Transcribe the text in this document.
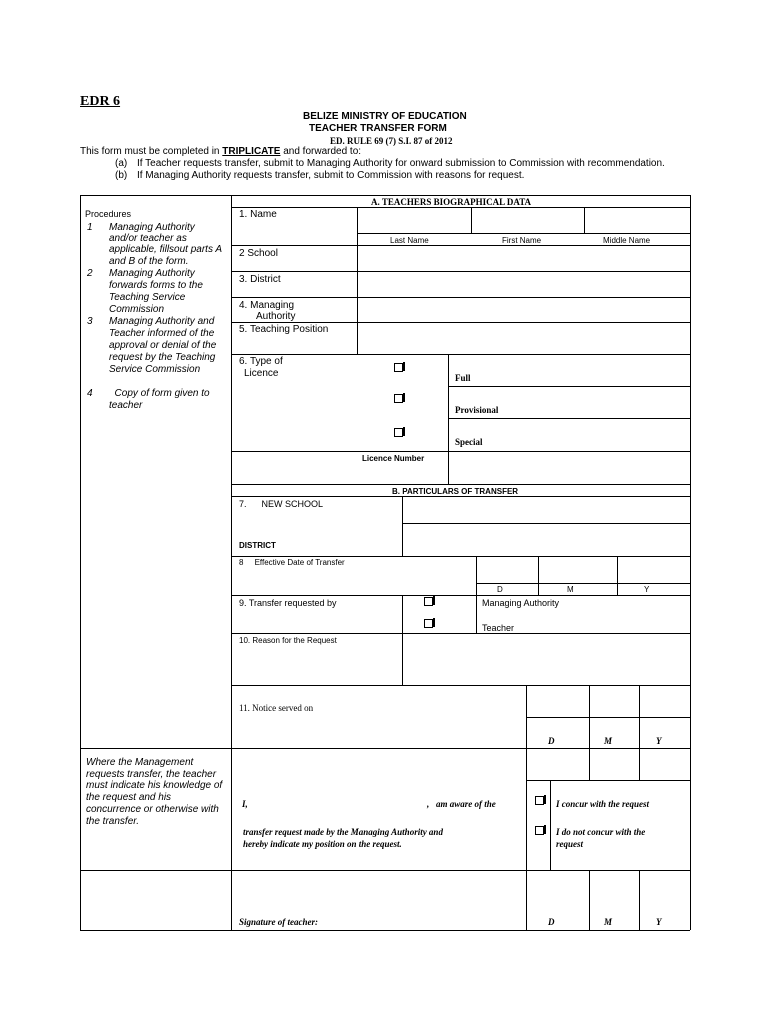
EDR 6
BELIZE MINISTRY OF EDUCATION
TEACHER TRANSFER FORM
ED. RULE 69 (7) S.I. 87 of 2012
This form must be completed in TRIPLICATE and forwarded to:
(a) If Teacher requests transfer, submit to Managing Authority for onward submission to Commission with recommendation.
(b) If Managing Authority requests transfer, submit to Commission with reasons for request.
Procedures
1 Managing Authority
and/or teacher as
applicable, fillsout parts A
and B of the form.
2 Managing Authority
forwards forms to the
Teaching Service
Commission
3 Managing Authority and
Teacher informed of the
approval or denial of the
request by the Teaching
Service Commission
4 Copy of form given to
teacher
Where the Management
requests transfer, the teacher
must indicate his knowledge of
the request and his
concurrence or otherwise with
the transfer.
A. TEACHERS BIOGRAPHICAL DATA
1. Name
Last Name	First Name	Middle Name
2 School
3. District
4. Managing
Authority
5. Teaching Position
6. Type of
Licence	Full
Provisional
Special
Licence Number
B. PARTICULARS OF TRANSFER
7.      NEW SCHOOL
DISTRICT
8     Effective Date of Transfer
D	M	Y
9. Transfer requested by	Managing Authority
Teacher
10. Reason for the Request
11. Notice served on
D	M	Y
I,	,   am aware of the
transfer request made by the Managing Authority and
hereby indicate my position on the request.
I concur with the request
I do not concur with the
request
Signature of teacher:	D	M	Y
